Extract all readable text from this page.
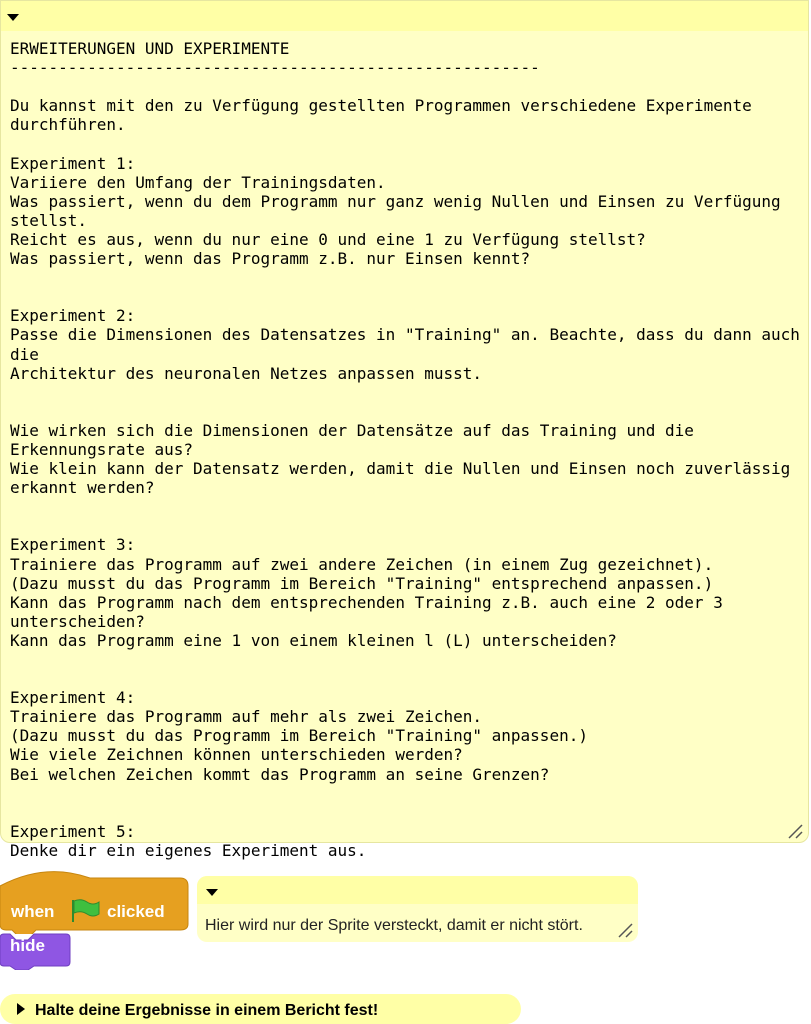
ERWEITERUNGEN UND EXPERIMENTE
-------------------------------------------------------

Du kannst mit den zu Verfügung gestellten Programmen verschiedene Experimente durchführen.

Experiment 1:
Variiere den Umfang der Trainingsdaten.
Was passiert, wenn du dem Programm nur ganz wenig Nullen und Einsen zu Verfügung stellst.
Reicht es aus, wenn du nur eine 0 und eine 1 zu Verfügung stellst?
Was passiert, wenn das Programm z.B. nur Einsen kennt?

Experiment 2:
Passe die Dimensionen des Datensatzes in "Training" an. Beachte, dass du dann auch die
Architektur des neuronalen Netzes anpassen musst.

Wie wirken sich die Dimensionen der Datensätze auf das Training und die Erkennungsrate aus?
Wie klein kann der Datensatz werden, damit die Nullen und Einsen noch zuverlässig erkannt werden?

Experiment 3:
Trainiere das Programm auf zwei andere Zeichen (in einem Zug gezeichnet).
(Dazu musst du das Programm im Bereich "Training" entsprechend anpassen.)
Kann das Programm nach dem entsprechenden Training z.B. auch eine 2 oder 3 unterscheiden?
Kann das Programm eine 1 von einem kleinen l (L) unterscheiden?

Experiment 4:
Trainiere das Programm auf mehr als zwei Zeichen.
(Dazu musst du das Programm im Bereich "Training" anpassen.)
Wie viele Zeichnen können unterschieden werden?
Bei welchen Zeichen kommt das Programm an seine Grenzen?

Experiment 5:
Denke dir ein eigenes Experiment aus.
when	clicked
hide
Hier wird nur der Sprite versteckt, damit er nicht stört.
Halte deine Ergebnisse in einem Bericht fest!
